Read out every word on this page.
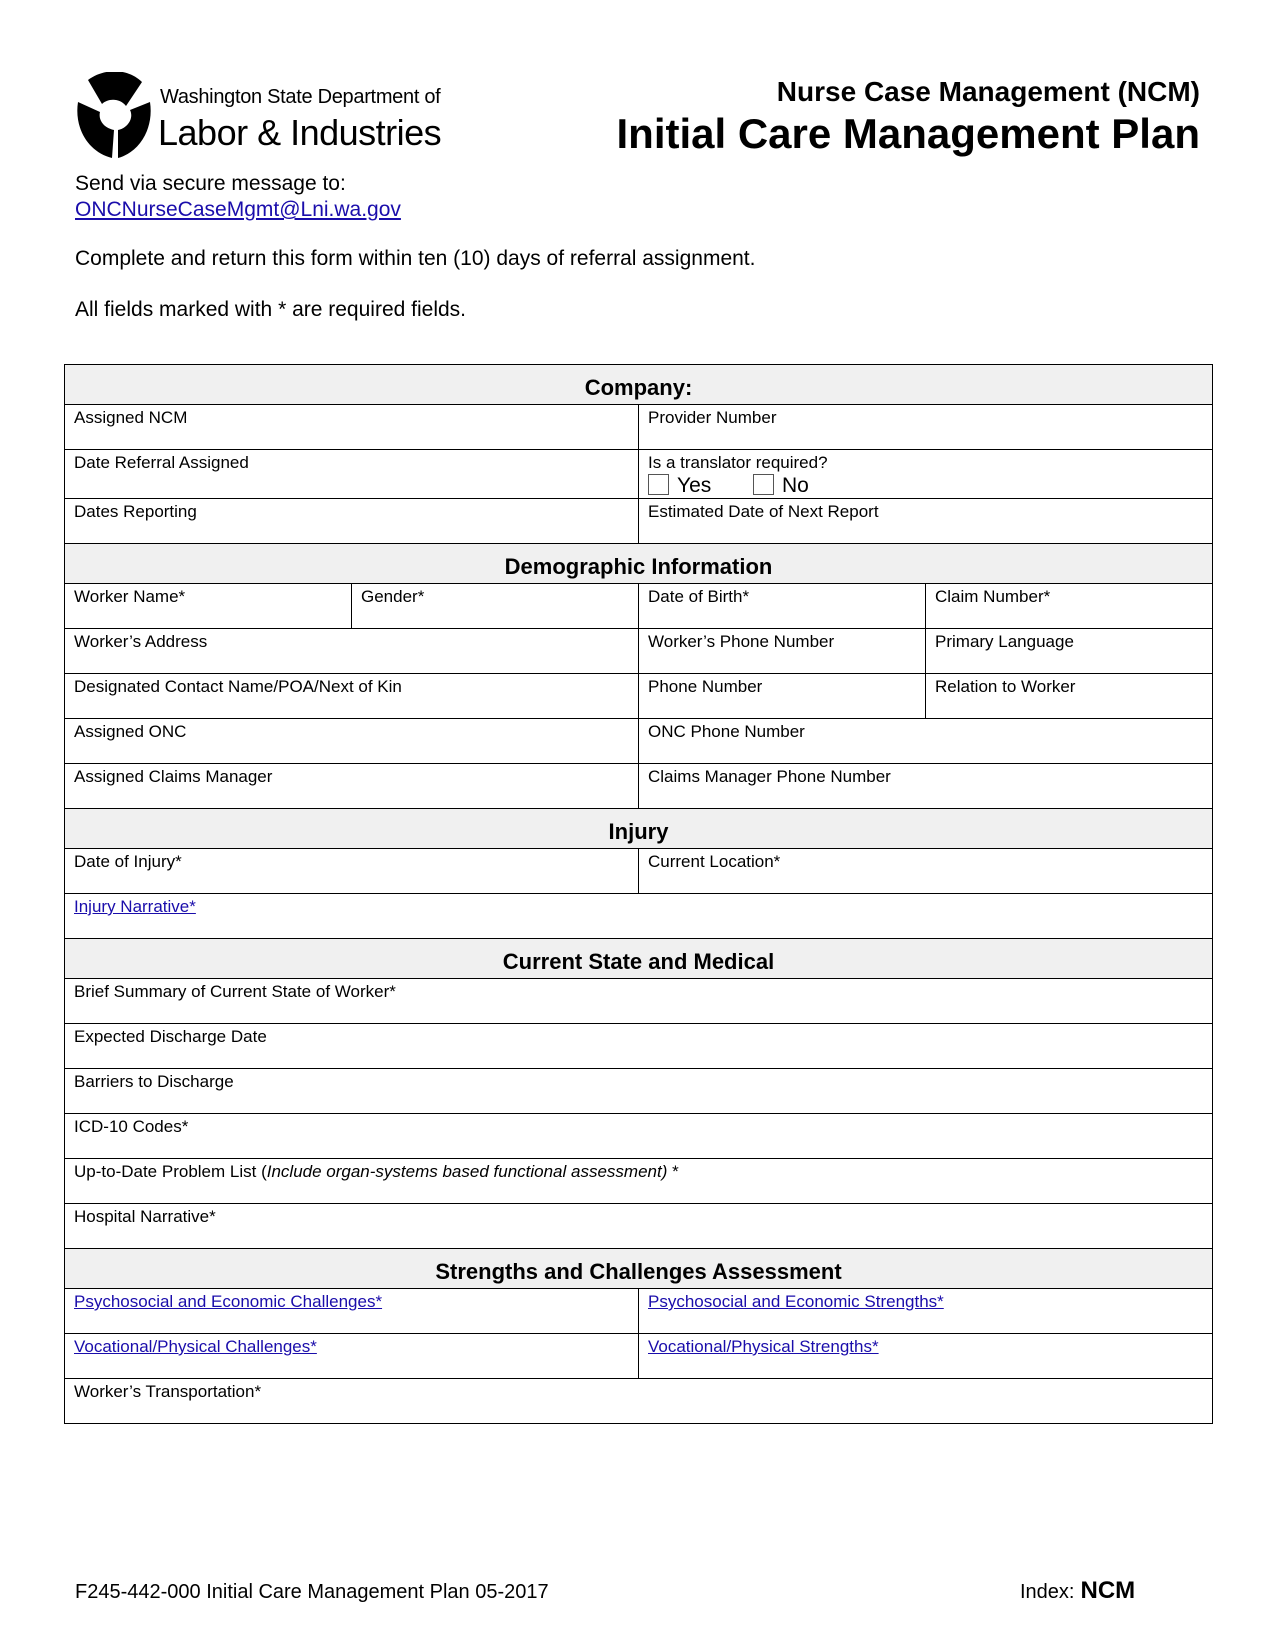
Washington State Department of
Labor & Industries
Nurse Case Management (NCM)
Initial Care Management Plan
Send via secure message to:
ONCNurseCaseMgmt@Lni.wa.gov
Complete and return this form within ten (10) days of referral assignment.
All fields marked with * are required fields.
Company:			
Assigned NCM		Provider Number	
Date Referral Assigned		Is a translator required?
Yes No	

Dates Reporting		Estimated Date of Next Report	
Demographic Information			
Worker Name*	Gender*	Date of Birth*	Claim Number*
Worker’s Address		Worker’s Phone Number	Primary Language
Designated Contact Name/POA/Next of Kin		Phone Number	Relation to Worker
Assigned ONC		ONC Phone Number	
Assigned Claims Manager		Claims Manager Phone Number	
Injury			
Date of Injury*		Current Location*	
Injury Narrative*			
Current State and Medical			
Brief Summary of Current State of Worker*			
Expected Discharge Date			
Barriers to Discharge			
ICD-10 Codes*			
Up-to-Date Problem List (Include organ-systems based functional assessment) *			
Hospital Narrative*			
Strengths and Challenges Assessment			
Psychosocial and Economic Challenges*		Psychosocial and Economic Strengths*	
Vocational/Physical Challenges*		Vocational/Physical Strengths*	
Worker’s Transportation*			
F245-442-000 Initial Care Management Plan 05-2017	Index: NCM
